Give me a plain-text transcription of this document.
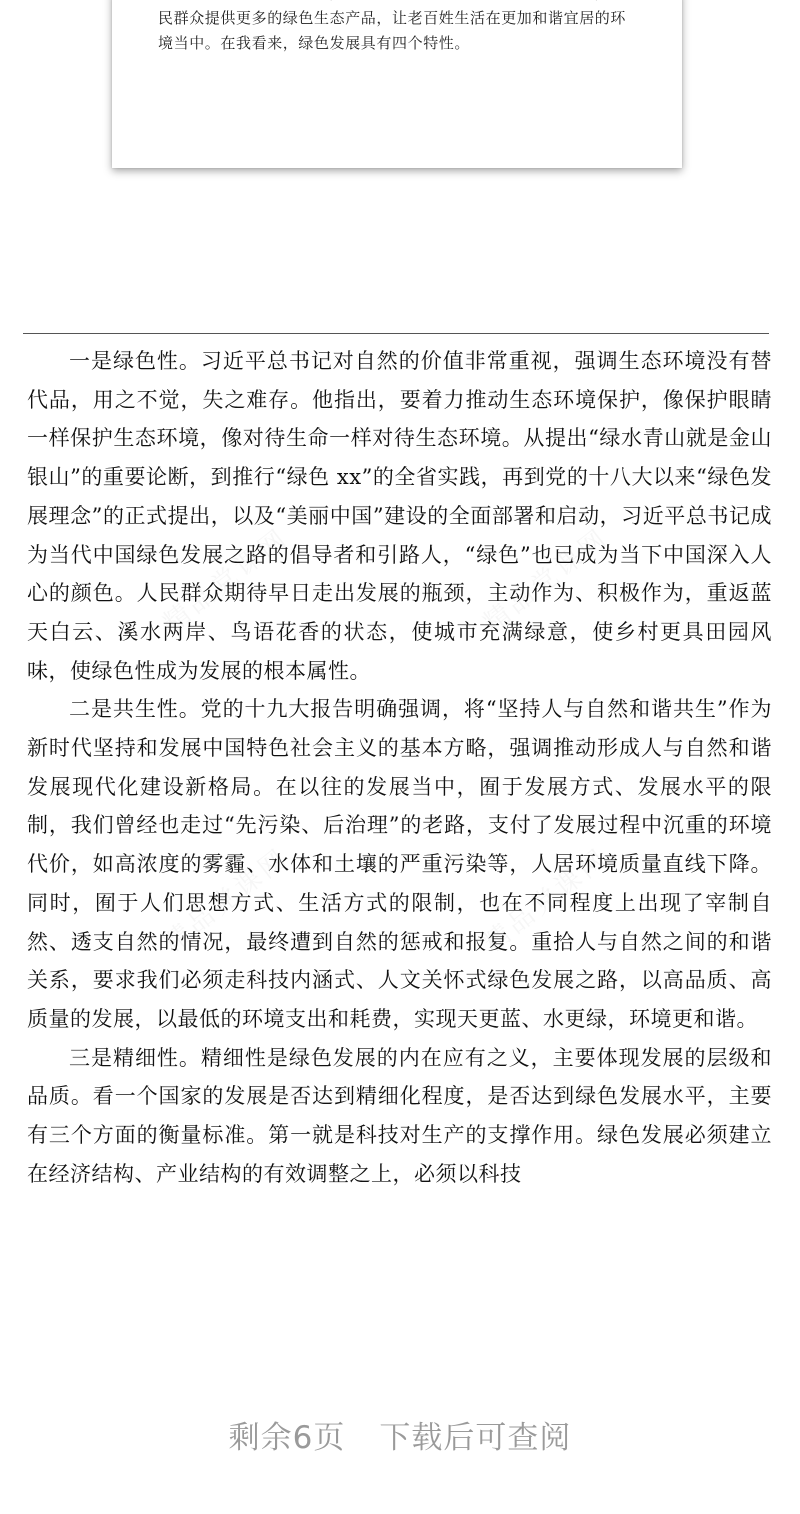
民群众提供更多的绿色生态产品，让老百姓生活在更加和谐宜居的环
境当中。在我看来，绿色发展具有四个特性。

精品党课网	精品党课网
精品党课网	精品党课网

一是绿色性。习近平总书记对自然的价值非常重视，强调生态环境没有替代品，用之不觉，失之难存。他指出，要着力推动生态环境保护，像保护眼睛一样保护生态环境，像对待生命一样对待生态环境。从提出“绿水青山就是金山银山”的重要论断，到推行“绿色 xx”的全省实践，再到党的十八大以来“绿色发展理念”的正式提出，以及“美丽中国”建设的全面部署和启动，习近平总书记成为当代中国绿色发展之路的倡导者和引路人，“绿色”也已成为当下中国深入人心的颜色。人民群众期待早日走出发展的瓶颈，主动作为、积极作为，重返蓝天白云、溪水两岸、鸟语花香的状态，使城市充满绿意，使乡村更具田园风味，使绿色性成为发展的根本属性。

二是共生性。党的十九大报告明确强调，将“坚持人与自然和谐共生”作为新时代坚持和发展中国特色社会主义的基本方略，强调推动形成人与自然和谐发展现代化建设新格局。在以往的发展当中，囿于发展方式、发展水平的限制，我们曾经也走过“先污染、后治理”的老路，支付了发展过程中沉重的环境代价，如高浓度的雾霾、水体和土壤的严重污染等，人居环境质量直线下降。同时，囿于人们思想方式、生活方式的限制，也在不同程度上出现了宰制自然、透支自然的情况，最终遭到自然的惩戒和报复。重拾人与自然之间的和谐关系，要求我们必须走科技内涵式、人文关怀式绿色发展之路，以高品质、高质量的发展，以最低的环境支出和耗费，实现天更蓝、水更绿，环境更和谐。

三是精细性。精细性是绿色发展的内在应有之义，主要体现发展的层级和品质。看一个国家的发展是否达到精细化程度，是否达到绿色发展水平，主要有三个方面的衡量标准。第一就是科技对生产的支撑作用。绿色发展必须建立在经济结构、产业结构的有效调整之上，必须以科技

剩余6页 下载后可查阅
